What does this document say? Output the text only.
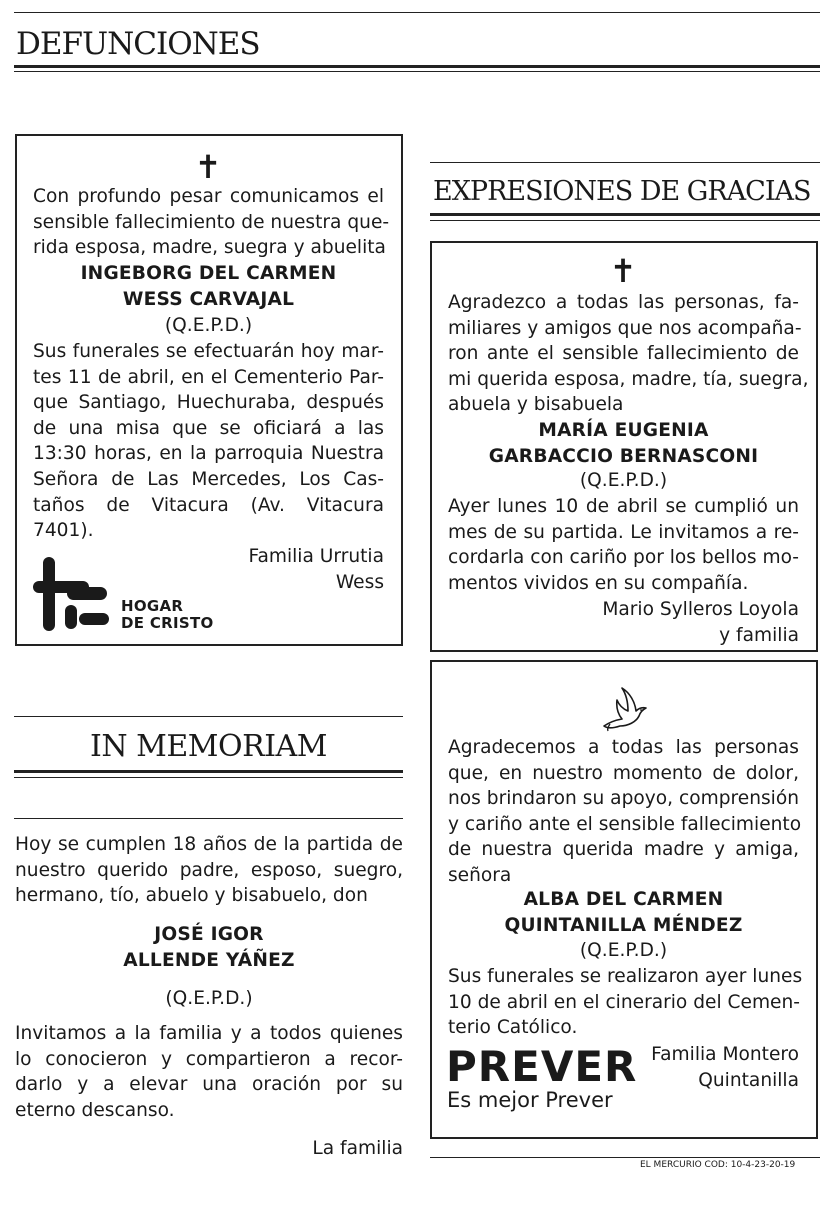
DEFUNCIONES
✝
Con profundo pesar comunicamos el
sensible fallecimiento de nuestra que-
rida esposa, madre, suegra y abuelita
INGEBORG DEL CARMEN
WESS CARVAJAL
(Q.E.P.D.)
Sus funerales se efectuarán hoy mar-
tes 11 de abril, en el Cementerio Par-
que Santiago, Huechuraba, después
de una misa que se oficiará a las
13:30 horas, en la parroquia Nuestra
Señora de Las Mercedes, Los Cas-
taños de Vitacura (Av. Vitacura
7401).
Familia Urrutia
Wess
HOGAR
DE CRISTO
IN MEMORIAM
Hoy se cumplen 18 años de la partida de
nuestro querido padre, esposo, suegro,
hermano, tío, abuelo y bisabuelo, don
JOSÉ IGOR
ALLENDE YÁÑEZ
(Q.E.P.D.)
Invitamos a la familia y a todos quienes
lo conocieron y compartieron a recor-
darlo y a elevar una oración por su
eterno descanso.
La familia
EXPRESIONES DE GRACIAS
✝
Agradezco a todas las personas, fa-
miliares y amigos que nos acompaña-
ron ante el sensible fallecimiento de
mi querida esposa, madre, tía, suegra,
abuela y bisabuela
MARÍA EUGENIA
GARBACCIO BERNASCONI
(Q.E.P.D.)
Ayer lunes 10 de abril se cumplió un
mes de su partida. Le invitamos a re-
cordarla con cariño por los bellos mo-
mentos vividos en su compañía.
Mario Sylleros Loyola
y familia
Agradecemos a todas las personas
que, en nuestro momento de dolor,
nos brindaron su apoyo, comprensión
y cariño ante el sensible fallecimiento
de nuestra querida madre y amiga,
señora
ALBA DEL CARMEN
QUINTANILLA MÉNDEZ
(Q.E.P.D.)
Sus funerales se realizaron ayer lunes
10 de abril en el cinerario del Cemen-
terio Católico.
Familia Montero
Quintanilla
PREVER
Es mejor Prever
EL MERCURIO COD: 10-4-23-20-19
